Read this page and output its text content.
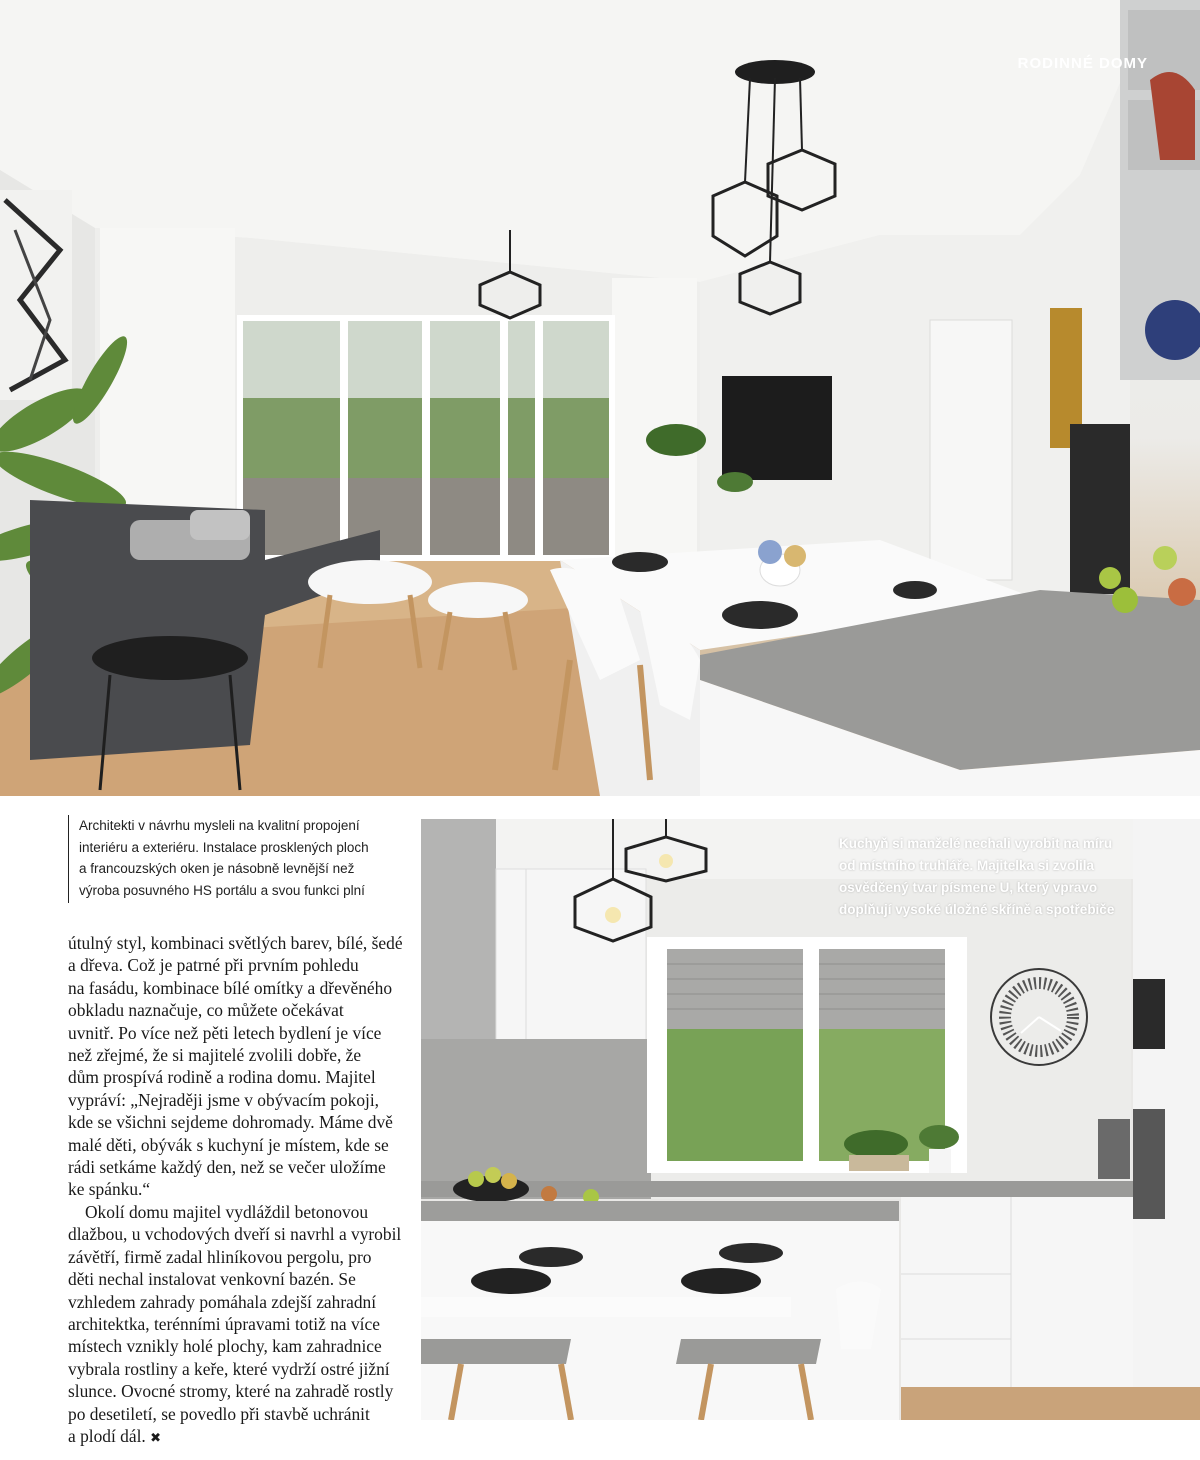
RODINNÉ DOMY
Architekti v návrhu mysleli na kvalitní propojení
interiéru a exteriéru. Instalace prosklených ploch
a francouzských oken je násobně levnější než
výroba posuvného HS portálu a svou funkci plní

útulný styl, kombinaci světlých barev, bílé, šedé
a dřeva. Což je patrné při prvním pohledu
na fasádu, kombinace bílé omítky a dřevěného
obkladu naznačuje, co můžete očekávat
uvnitř. Po více než pěti letech bydlení je více
než zřejmé, že si majitelé zvolili dobře, že
dům prospívá rodině a rodina domu. Majitel
vypráví: „Nejraději jsme v obývacím pokoji,
kde se všichni sejdeme dohromady. Máme dvě
malé děti, obývák s kuchyní je místem, kde se
rádi setkáme každý den, než se večer uložíme
ke spánku.“

Okolí domu majitel vydláždil betonovou
dlažbou, u vchodových dveří si navrhl a vyrobil
závětří, firmě zadal hliníkovou pergolu, pro
děti nechal instalovat venkovní bazén. Se
vzhledem zahrady pomáhala zdejší zahradní
architektka, terénními úpravami totiž na více
místech vznikly holé plochy, kam zahradnice
vybrala rostliny a keře, které vydrží ostré jižní
slunce. Ovocné stromy, které na zahradě rostly
po desetiletí, se povedlo při stavbě uchránit
a plodí dál. ✖

Kuchyň si manželé nechali vyrobit na míru
od místního truhláře. Majitelka si zvolila
osvědčený tvar písmene U, který vpravo
doplňují vysoké úložné skříně a spotřebiče
